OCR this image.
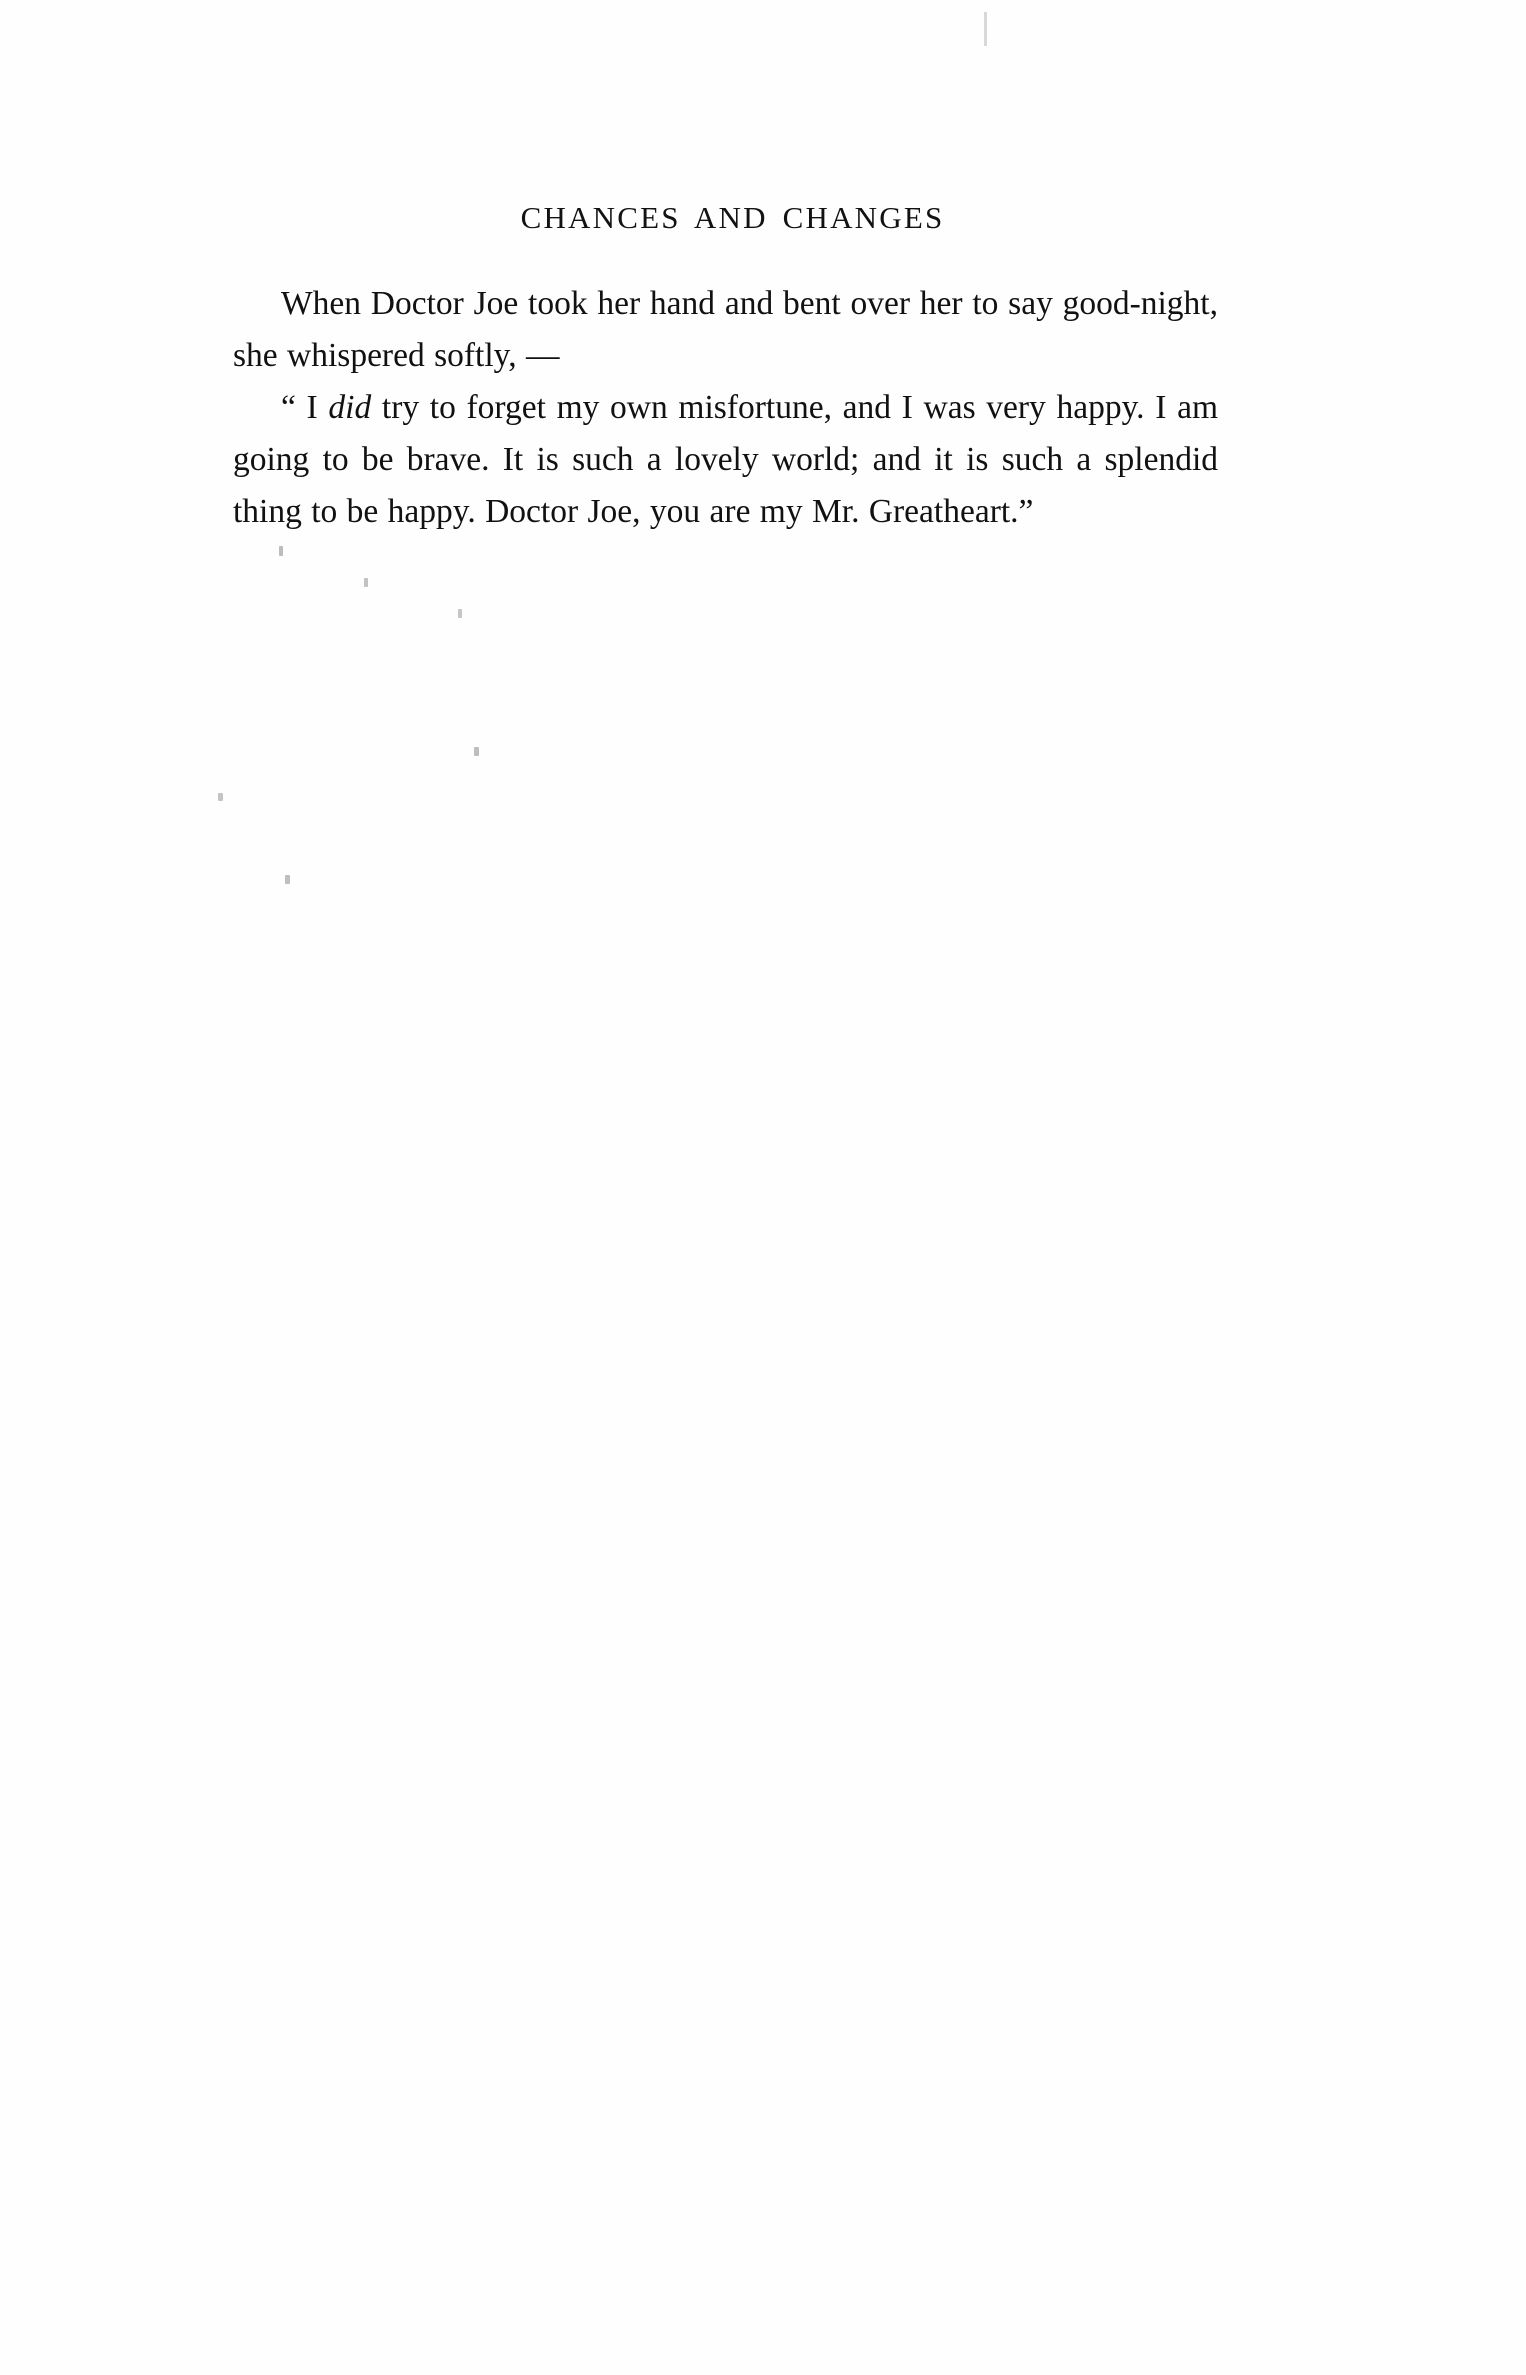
CHANCES AND CHANGES

When Doctor Joe took her hand and bent over her to say good-night, she whispered softly, —

“ I did try to forget my own misfortune, and I was very happy. I am going to be brave. It is such a lovely world; and it is such a splendid thing to be happy. Doctor Joe, you are my Mr. Greatheart.”
